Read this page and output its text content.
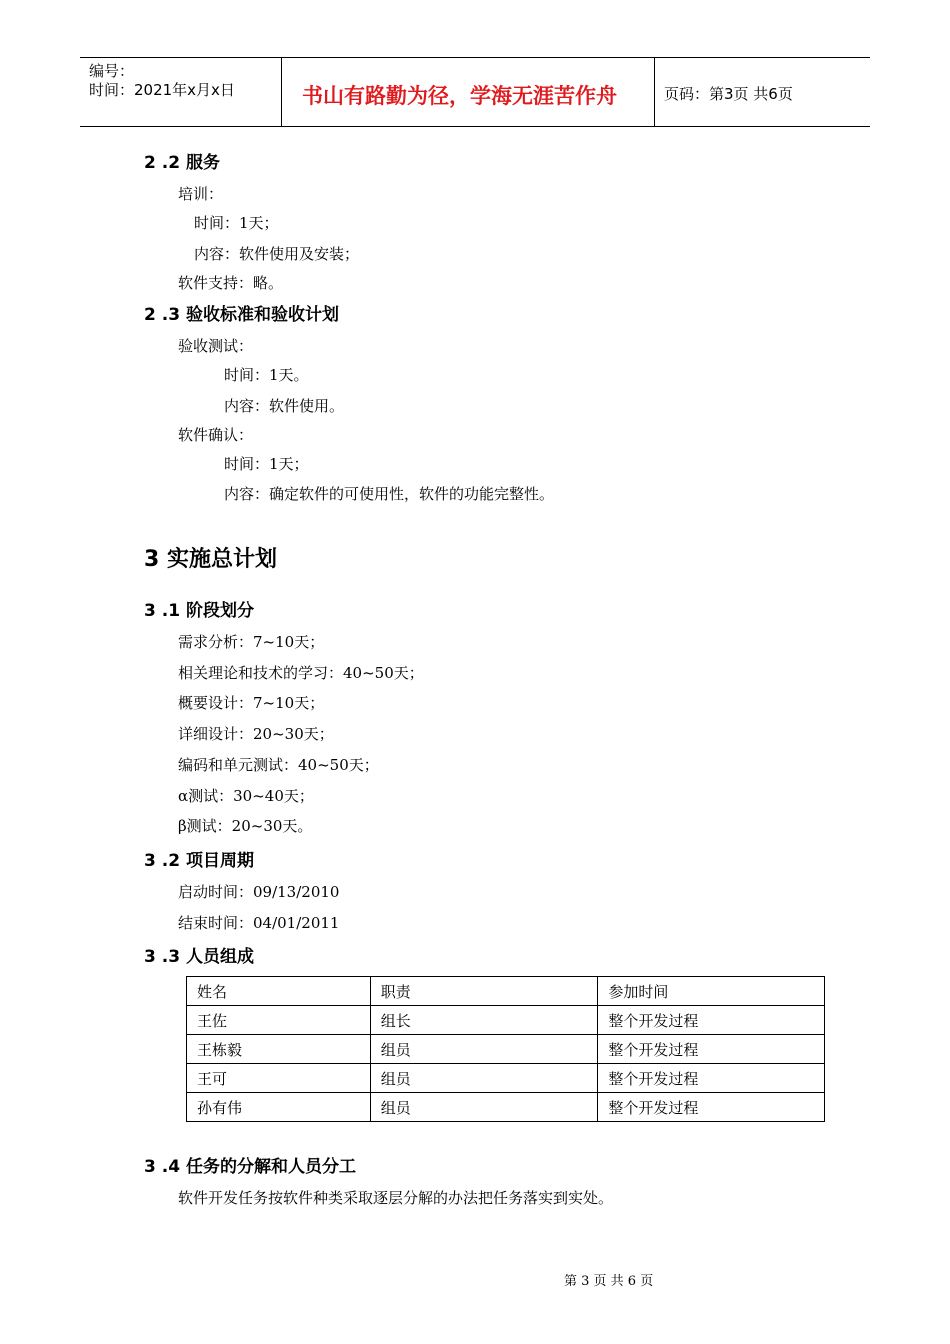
编号：
时间：2021年x月x日	书山有路勤为径，学海无涯苦作舟	页码：第3页 共6页
2 .2 服务
培训：
时间：1天；
内容：软件使用及安装；
软件支持：略。
2 .3 验收标准和验收计划
验收测试：
时间：1天。
内容：软件使用。
软件确认：
时间：1天；
内容：确定软件的可使用性，软件的功能完整性。
3 实施总计划
3 .1 阶段划分
需求分析：7~10天；
相关理论和技术的学习：40~50天；
概要设计：7~10天；
详细设计：20~30天；
编码和单元测试：40~50天；
α测试：30~40天；
β测试：20~30天。
3 .2 项目周期
启动时间：09/13/2010
结束时间：04/01/2011
3 .3 人员组成
姓名	职责	参加时间
王佐	组长	整个开发过程
王栋毅	组员	整个开发过程
王可	组员	整个开发过程
孙有伟	组员	整个开发过程
3 .4 任务的分解和人员分工
软件开发任务按软件种类采取逐层分解的办法把任务落实到实处。
第 3 页 共 6 页
